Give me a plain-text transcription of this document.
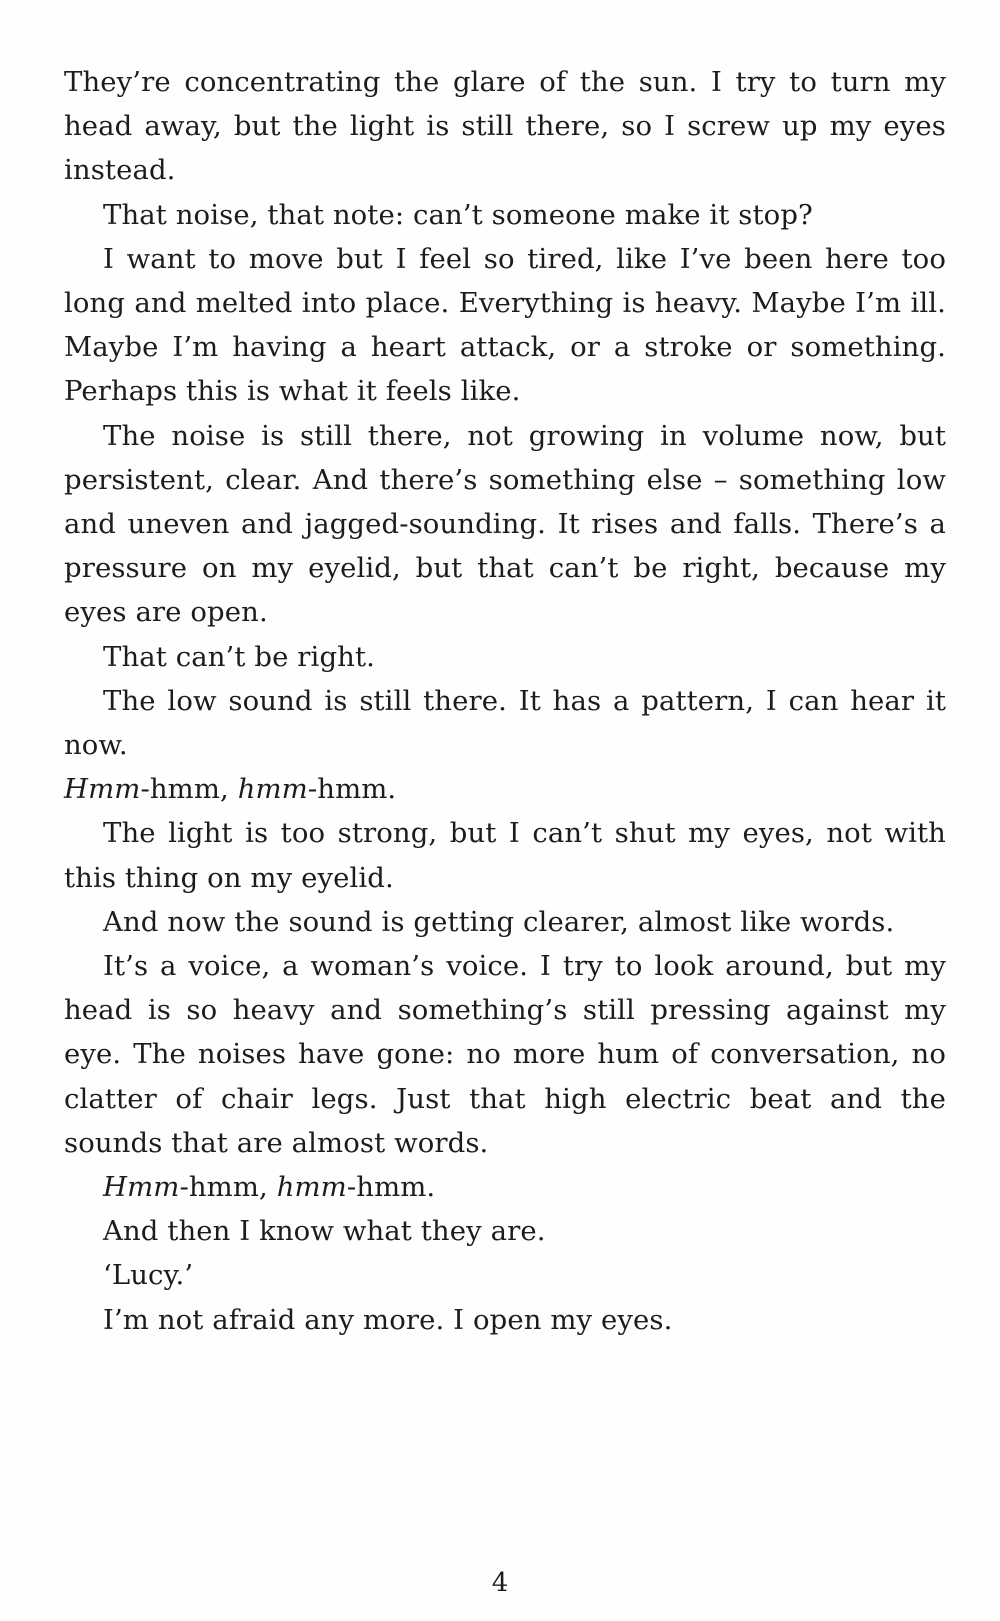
They’re concentrating the glare of the sun. I try to turn my head away, but the light is still there, so I screw up my eyes instead.

That noise, that note: can’t someone make it stop?

I want to move but I feel so tired, like I’ve been here too long and melted into place. Everything is heavy. Maybe I’m ill. Maybe I’m having a heart attack, or a stroke or something. Perhaps this is what it feels like.

The noise is still there, not growing in volume now, but persistent, clear. And there’s something else – something low and uneven and jagged-sounding. It rises and falls. There’s a pressure on my eyelid, but that can’t be right, because my eyes are open.

That can’t be right.

The low sound is still there. It has a pattern, I can hear it now.

Hmm-hmm, hmm-hmm.

The light is too strong, but I can’t shut my eyes, not with this thing on my eyelid.

And now the sound is getting clearer, almost like words.

It’s a voice, a woman’s voice. I try to look around, but my head is so heavy and something’s still pressing against my eye. The noises have gone: no more hum of conversation, no clatter of chair legs. Just that high electric beat and the sounds that are almost words.

Hmm-hmm, hmm-hmm.

And then I know what they are.

‘Lucy.’

I’m not afraid any more. I open my eyes.

4
